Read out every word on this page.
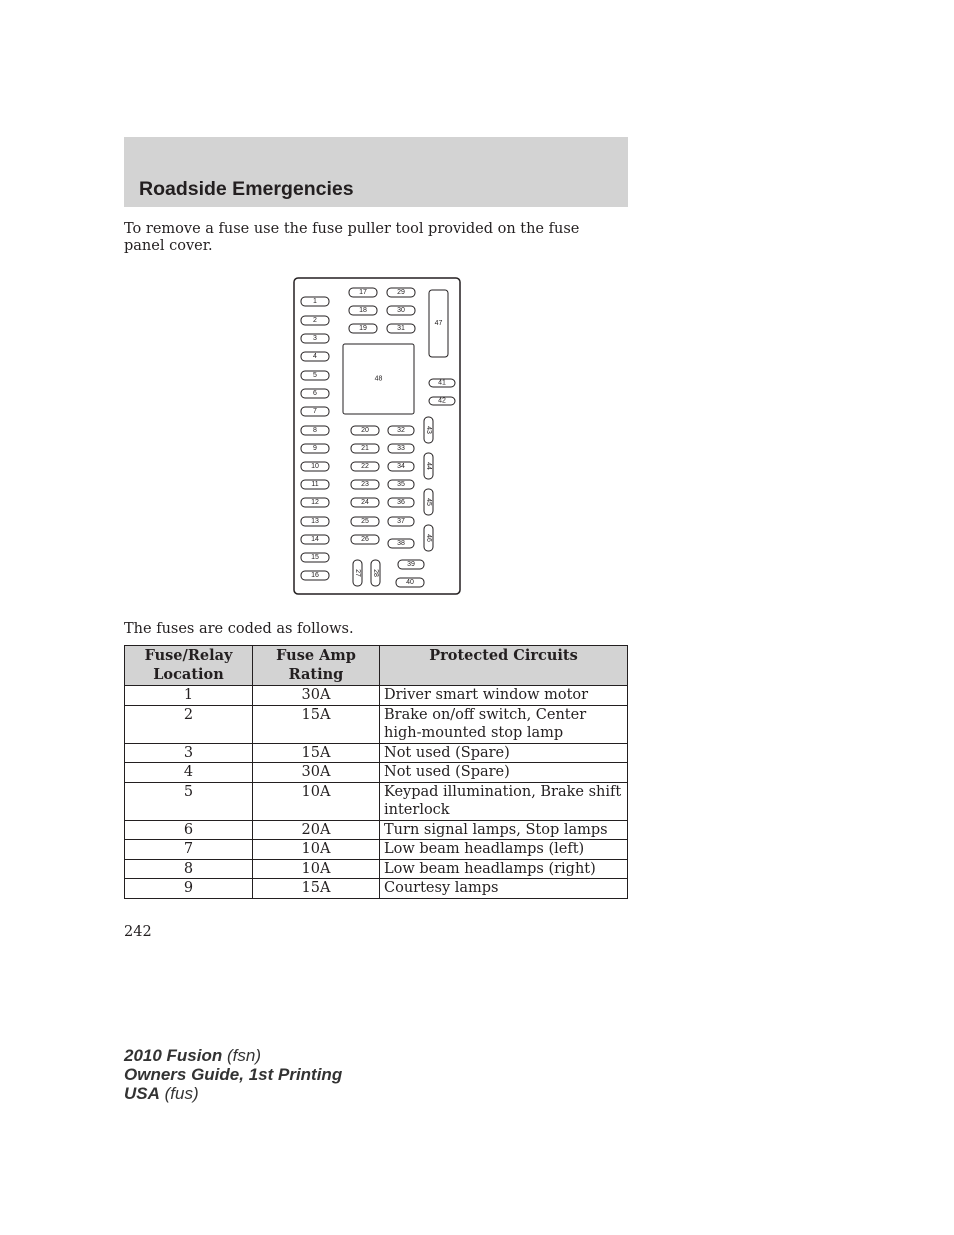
Roadside Emergencies
To remove a fuse use the fuse puller tool provided on the fuse panel cover.
1
2
3
4
5
6
7
8
9
10
11
12
13
14
15
16
17	29
18	30
19	31
47
48
41
42
20
21
22
23
24
25
26
32
33
34
35
36
37
38
43
44
45
46
27 28
39
40
The fuses are coded as follows.
Fuse/Relay Location	Fuse Amp Rating	Protected Circuits
1	30A	Driver smart window motor
2	15A	Brake on/off switch, Center high-mounted stop lamp
3	15A	Not used (Spare)
4	30A	Not used (Spare)
5	10A	Keypad illumination, Brake shift interlock
6	20A	Turn signal lamps, Stop lamps
7	10A	Low beam headlamps (left)
8	10A	Low beam headlamps (right)
9	15A	Courtesy lamps
242
2010 Fusion (fsn)
Owners Guide, 1st Printing
USA (fus)
